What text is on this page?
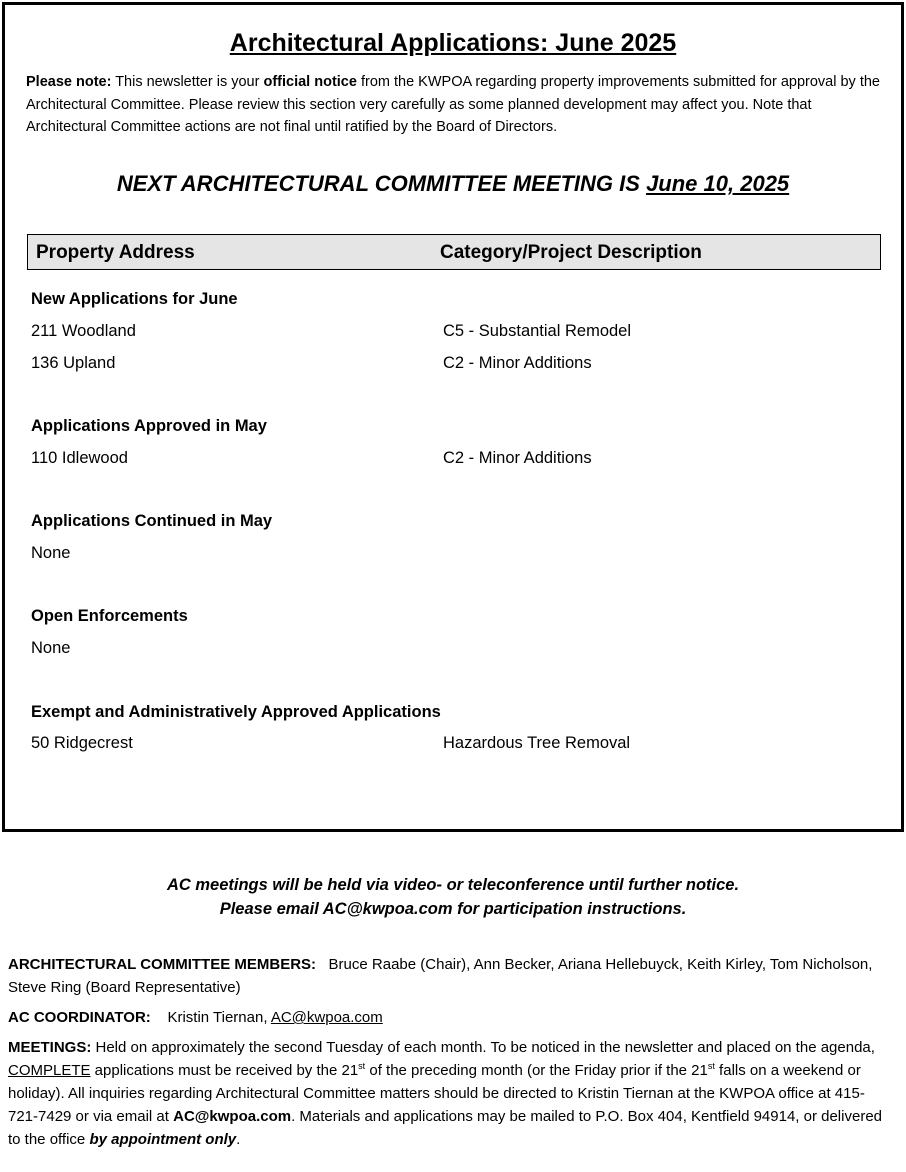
Architectural Applications: June 2025
Please note: This newsletter is your official notice from the KWPOA regarding property improvements submitted for approval by the Architectural Committee. Please review this section very carefully as some planned development may affect you. Note that Architectural Committee actions are not final until ratified by the Board of Directors.
NEXT ARCHITECTURAL COMMITTEE MEETING IS June 10, 2025
Property Address	Category/Project Description
New Applications for June
211 Woodland	C5 - Substantial Remodel
136 Upland	C2 - Minor Additions
Applications Approved in May
110 Idlewood	C2 - Minor Additions
Applications Continued in May
None
Open Enforcements
None
Exempt and Administratively Approved Applications
50 Ridgecrest	Hazardous Tree Removal
AC meetings will be held via video- or teleconference until further notice.
Please email AC@kwpoa.com for participation instructions.
ARCHITECTURAL COMMITTEE MEMBERS:   Bruce Raabe (Chair), Ann Becker, Ariana Hellebuyck, Keith Kirley, Tom Nicholson, Steve Ring (Board Representative)
AC COORDINATOR:    Kristin Tiernan, AC@kwpoa.com
MEETINGS: Held on approximately the second Tuesday of each month. To be noticed in the newsletter and placed on the agenda, COMPLETE applications must be received by the 21st of the preceding month (or the Friday prior if the 21st falls on a weekend or holiday). All inquiries regarding Architectural Committee matters should be directed to Kristin Tiernan at the KWPOA office at 415-721-7429 or via email at AC@kwpoa.com. Materials and applications may be mailed to P.O. Box 404, Kentfield 94914, or delivered to the office by appointment only.
